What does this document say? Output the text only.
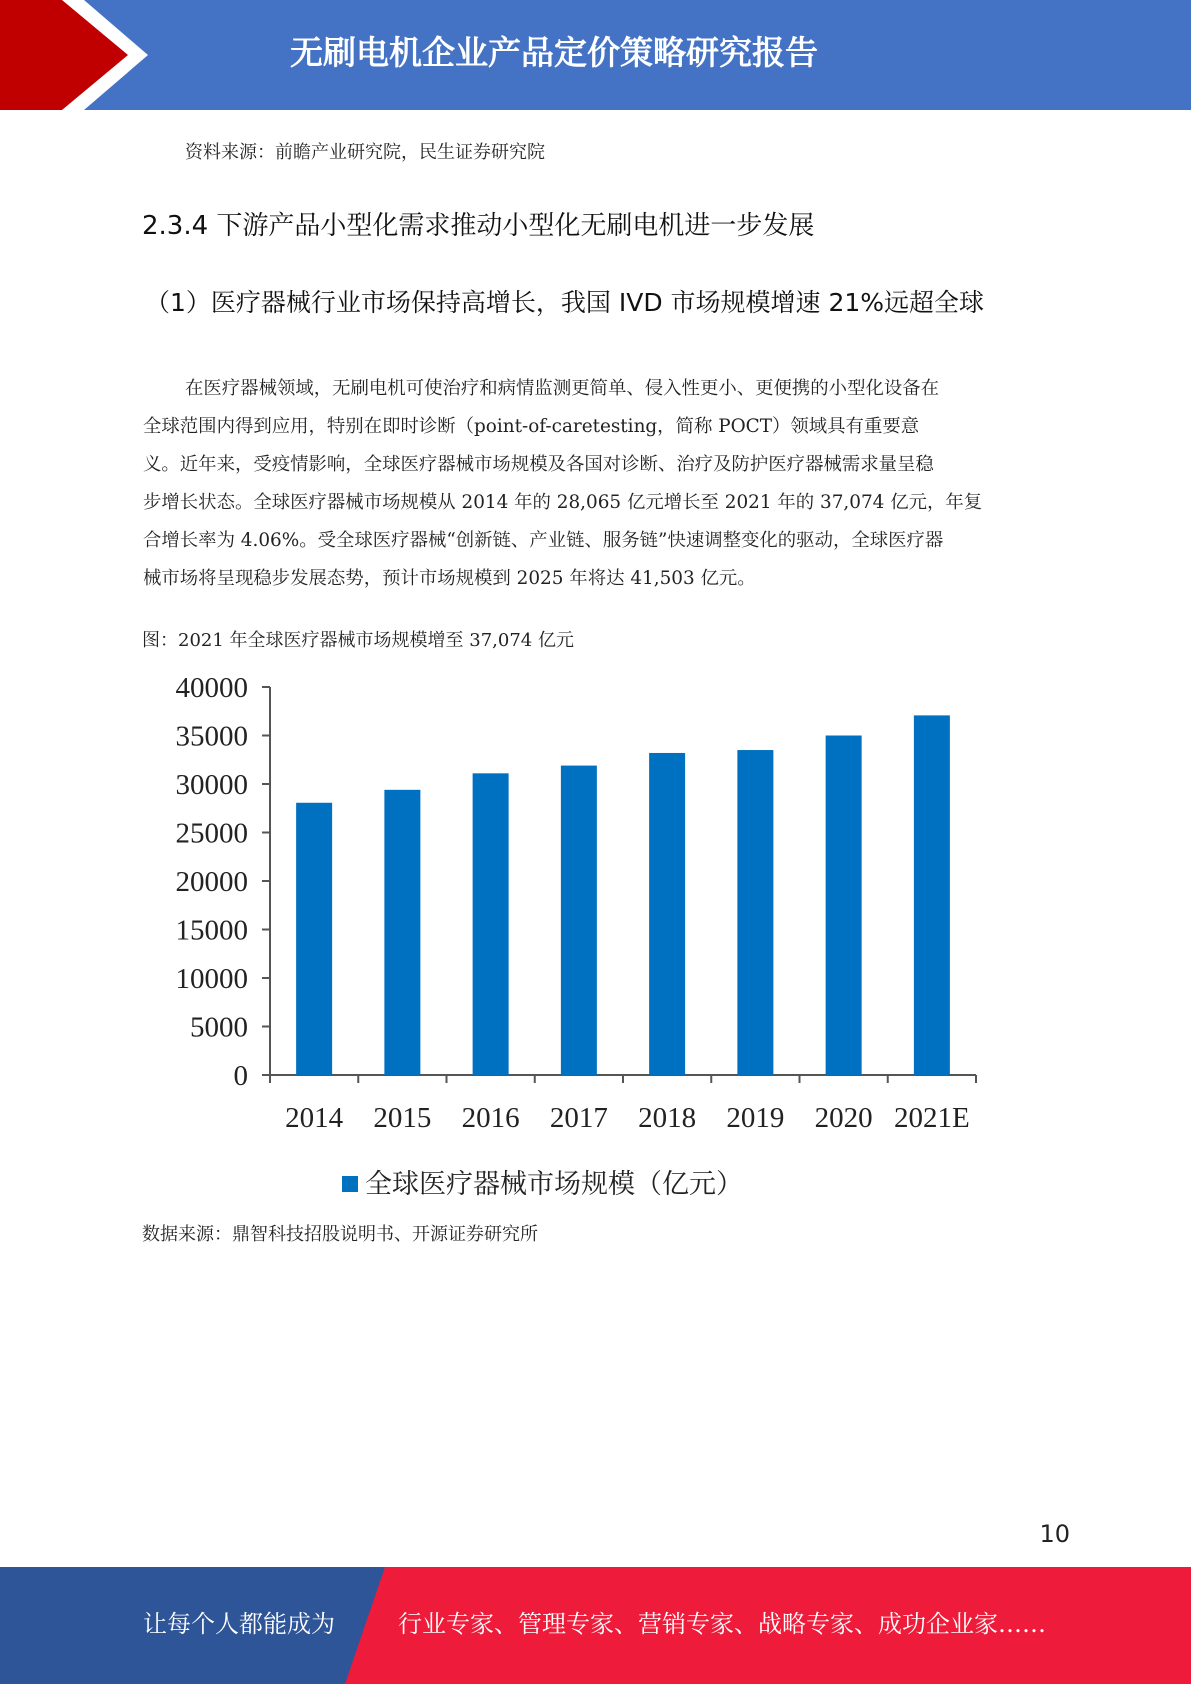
无刷电机企业产品定价策略研究报告
资料来源：前瞻产业研究院，民生证券研究院
2.3.4 下游产品小型化需求推动小型化无刷电机进一步发展
（1）医疗器械行业市场保持高增长，我国 IVD 市场规模增速 21%远超全球
在医疗器械领域，无刷电机可使治疗和病情监测更简单、侵入性更小、更便携的小型化设备在
全球范围内得到应用，特别在即时诊断（point-of-caretesting，简称 POCT）领域具有重要意
义。近年来，受疫情影响，全球医疗器械市场规模及各国对诊断、治疗及防护医疗器械需求量呈稳
步增长状态。全球医疗器械市场规模从 2014 年的 28,065 亿元增长至 2021 年的 37,074 亿元，年复
合增长率为 4.06%。受全球医疗器械“创新链、产业链、服务链”快速调整变化的驱动，全球医疗器
械市场将呈现稳步发展态势，预计市场规模到 2025 年将达 41,503 亿元。
图：2021 年全球医疗器械市场规模增至 37,074 亿元
0
5000
10000
15000
20000
25000
30000
35000
40000
2014 2015 2016 2017 2018 2019 2020 2021E
全球医疗器械市场规模（亿元）
数据来源：鼎智科技招股说明书、开源证券研究所
10
让每个人都能成为	行业专家、管理专家、营销专家、战略专家、成功企业家……
